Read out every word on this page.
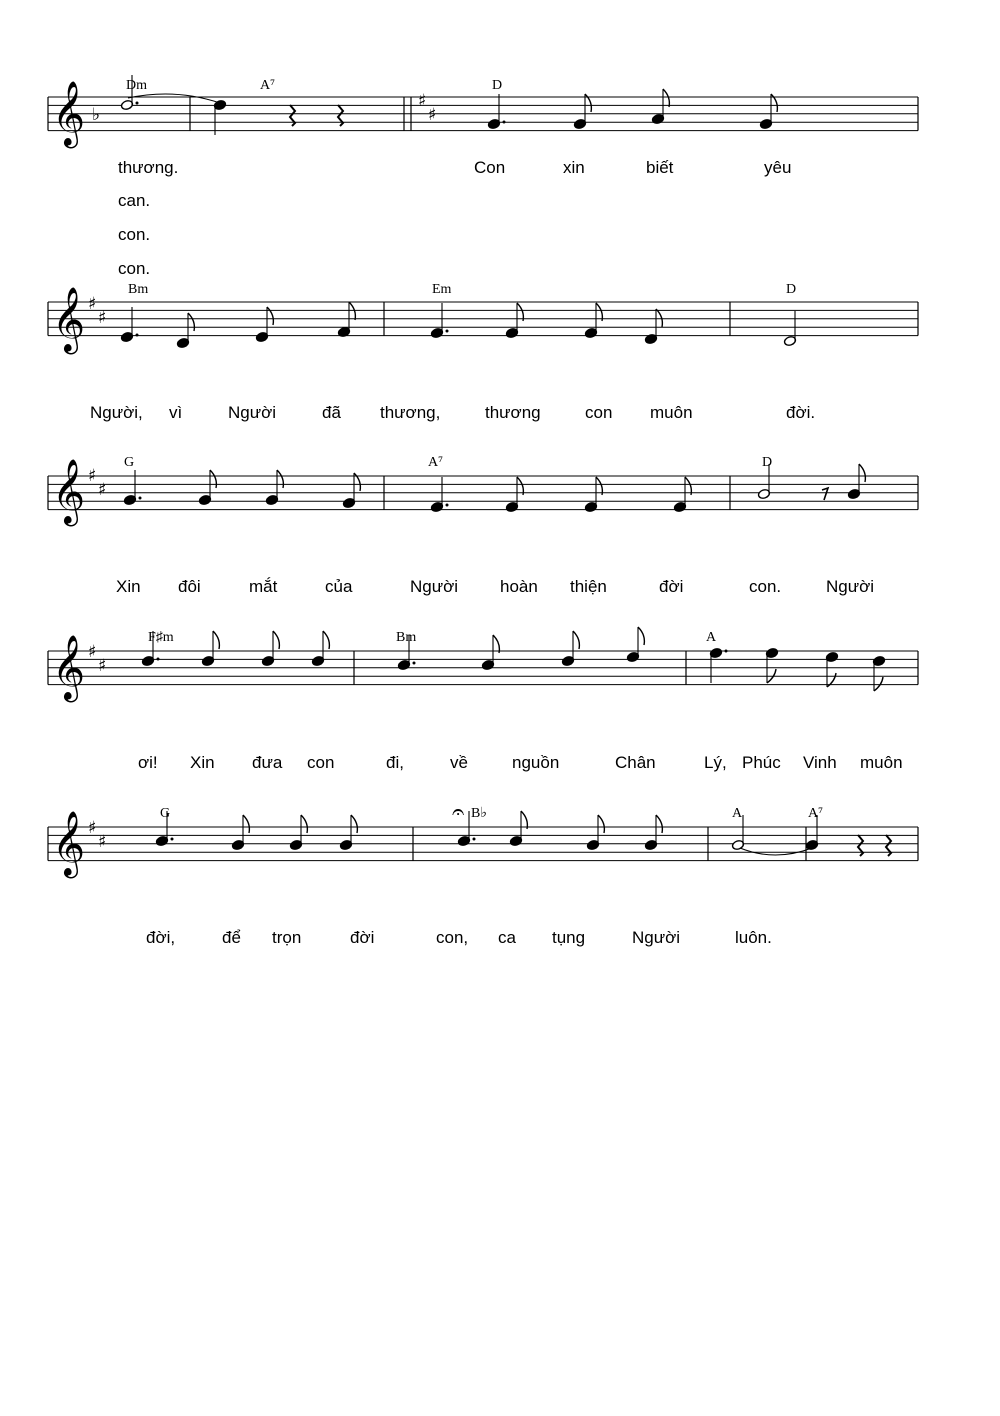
𝄞 ♭
♯
♯
Dm	A⁷	D
thương.	Con	xin	biết	yêu
can.
con.
con.
𝄞 ♯
♯
Bm	Em	D
Người, vì	Người	đã thương,	thương	con muôn	đời.
𝄞 ♯
♯
G	A⁷	D
Xin đôi	mắt	của	Người hoàn thiện	đời	con.	Người
𝄞 ♯
♯
F♯m	Bm	A
ơi! Xin đưa con	đi,	về	nguồn	Chân	Lý, Phúc Vinh muôn
𝄞 ♯
♯
G	B♭
𝄐	A	A⁷
đời,	để trọn	đời	con, ca tụng	Người	luôn.
